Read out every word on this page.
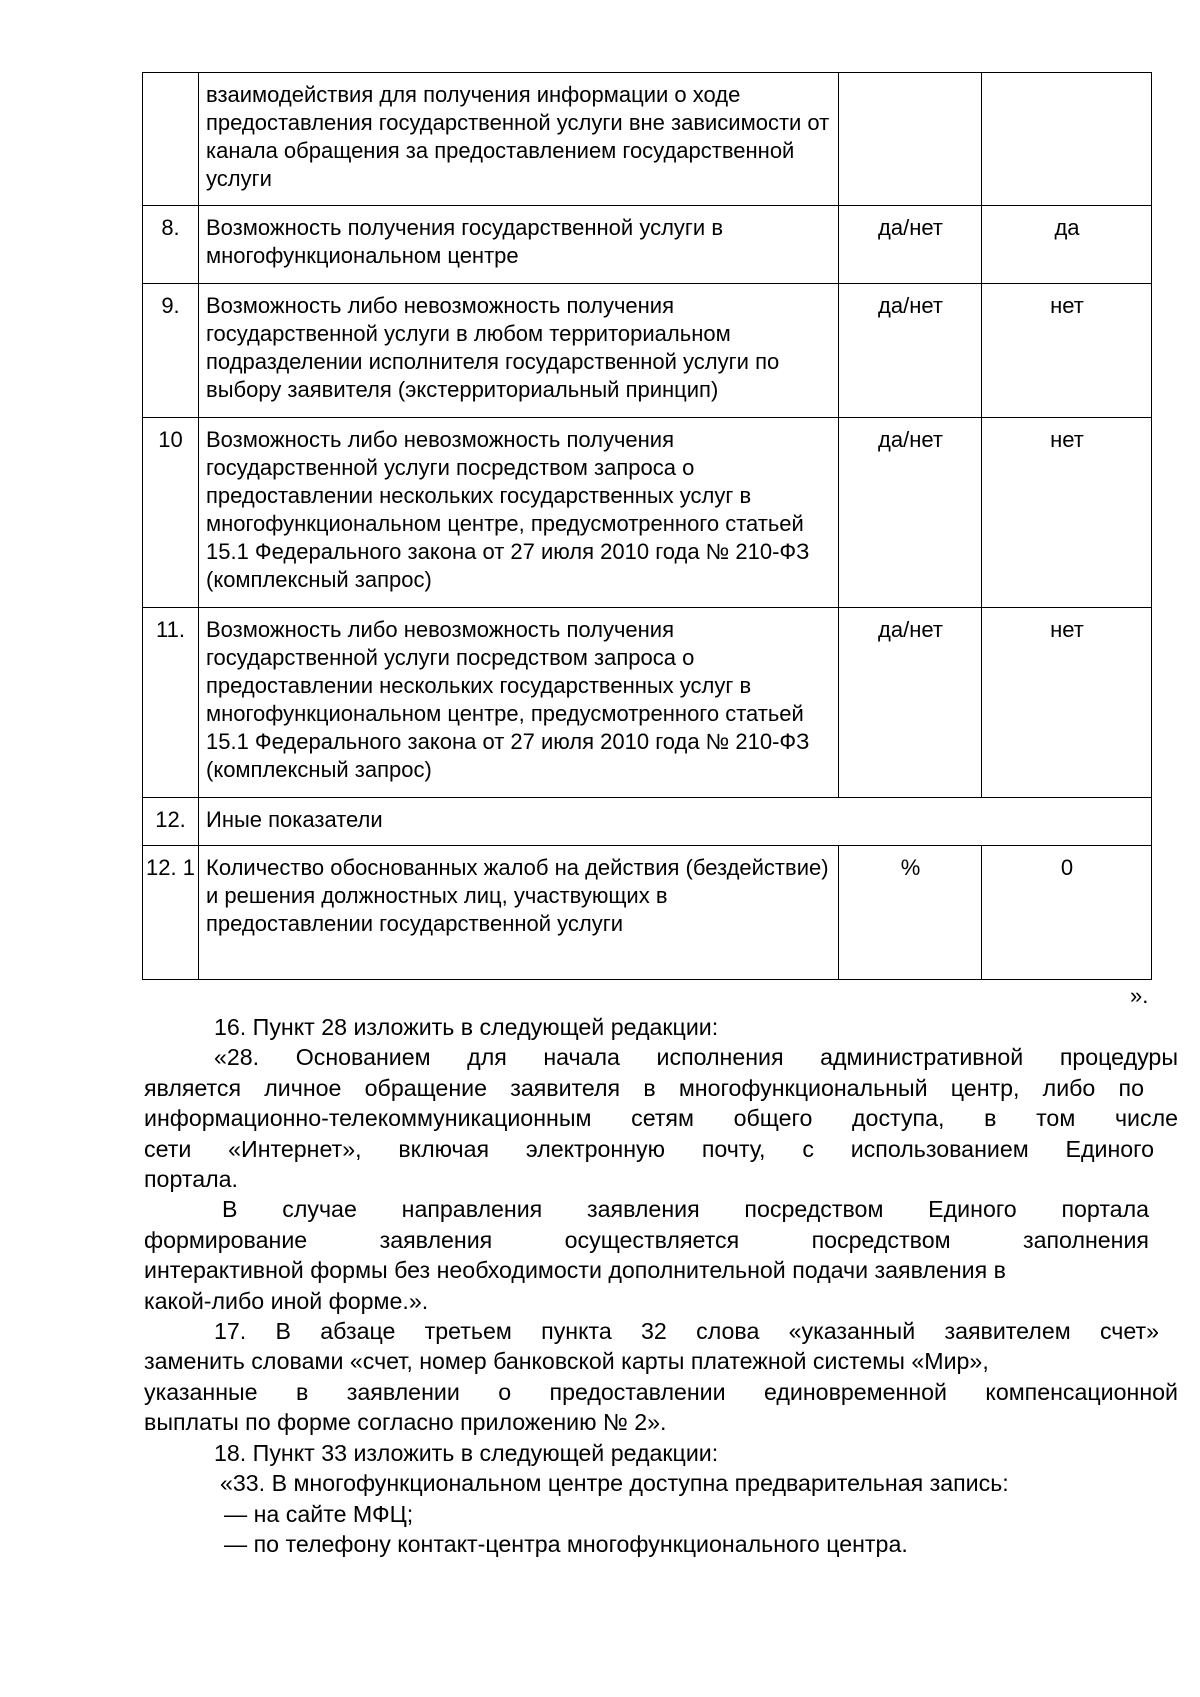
	взаимодействия для получения информации о ходе предоставления государственной услуги вне зависимости от канала обращения за предоставлением государственной услуги		
8.	Возможность получения государственной услуги в многофункциональном центре	да/нет	да
9.	Возможность либо невозможность получения государственной услуги в любом территориальном подразделении исполнителя государственной услуги по выбору заявителя (экстерриториальный принцип)	да/нет	нет
10	Возможность либо невозможность получения государственной услуги посредством запроса о предоставлении нескольких государственных услуг в многофункциональном центре, предусмотренного статьей 15.1 Федерального закона от 27 июля 2010 года № 210-ФЗ (комплексный запрос)	да/нет	нет
11.	Возможность либо невозможность получения государственной услуги посредством запроса о предоставлении нескольких государственных услуг в многофункциональном центре, предусмотренного статьей 15.1 Федерального закона от 27 июля 2010 года № 210-ФЗ (комплексный запрос)	да/нет	нет
12.	Иные показатели		
12. 1	Количество обоснованных жалоб на действия (бездействие) и решения должностных лиц, участвующих в предоставлении государственной услуги	%	0
».

16. Пункт 28 изложить в следующей редакции:

«28. Основанием для начала исполнения административной процедуры
является личное обращение заявителя в многофункциональный центр, либо по
информационно-телекоммуникационным сетям общего доступа, в том числе
сети «Интернет», включая электронную почту, с использованием Единого
портала.
В случае направления заявления посредством Единого портала
формирование заявления осуществляется посредством заполнения
интерактивной формы без необходимости дополнительной подачи заявления в
какой-либо иной форме.».
17. В абзаце третьем пункта 32 слова «указанный заявителем счет»
заменить словами «счет, номер банковской карты платежной системы «Мир»,
указанные в заявлении о предоставлении единовременной компенсационной
выплаты по форме согласно приложению № 2».

18. Пункт 33 изложить в следующей редакции:

«33. В многофункциональном центре доступна предварительная запись:

— на сайте МФЦ;

— по телефону контакт-центра многофункционального центра.
